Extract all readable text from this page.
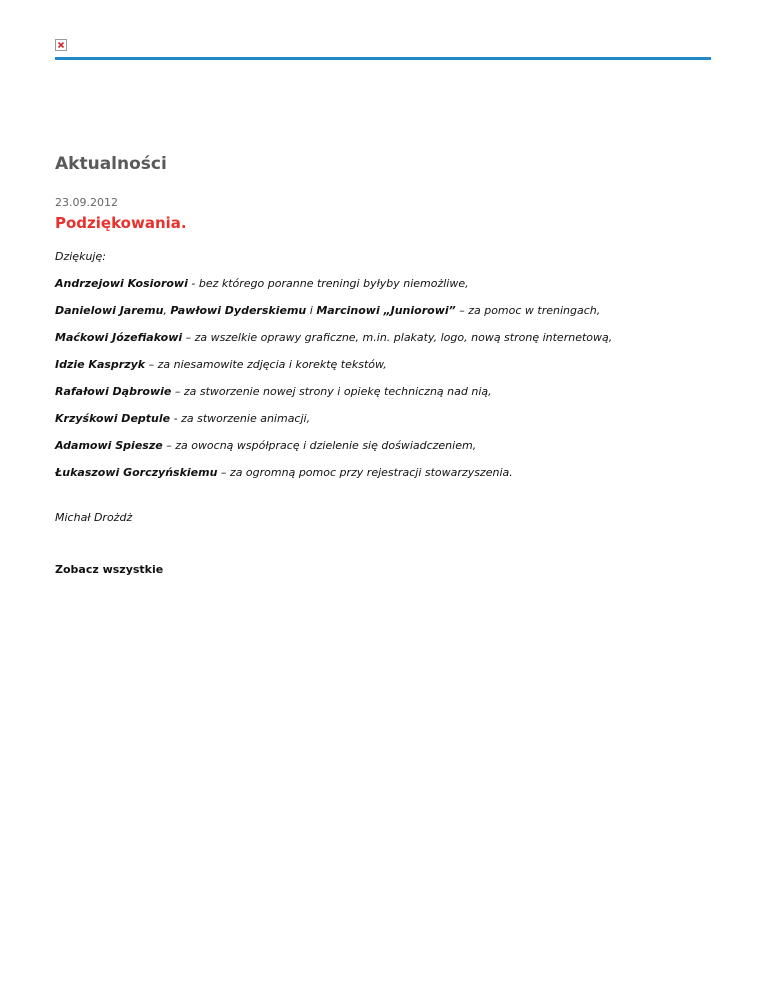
Aktualności
23.09.2012
Podziękowania.

Dziękuję:

Andrzejowi Kosiorowi - bez którego poranne treningi byłyby niemożliwe,

Danielowi Jaremu, Pawłowi Dyderskiemu i Marcinowi „Juniorowi” – za pomoc w treningach,

Maćkowi Józefiakowi – za wszelkie oprawy graficzne, m.in. plakaty, logo, nową stronę internetową,

Idzie Kasprzyk – za niesamowite zdjęcia i korektę tekstów,

Rafałowi Dąbrowie – za stworzenie nowej strony i opiekę techniczną nad nią,

Krzyśkowi Deptule - za stworzenie animacji,

Adamowi Spiesze – za owocną współpracę i dzielenie się doświadczeniem,

Łukaszowi Gorczyńskiemu – za ogromną pomoc przy rejestracji stowarzyszenia.

Michał Drożdż

Zobacz wszystkie
